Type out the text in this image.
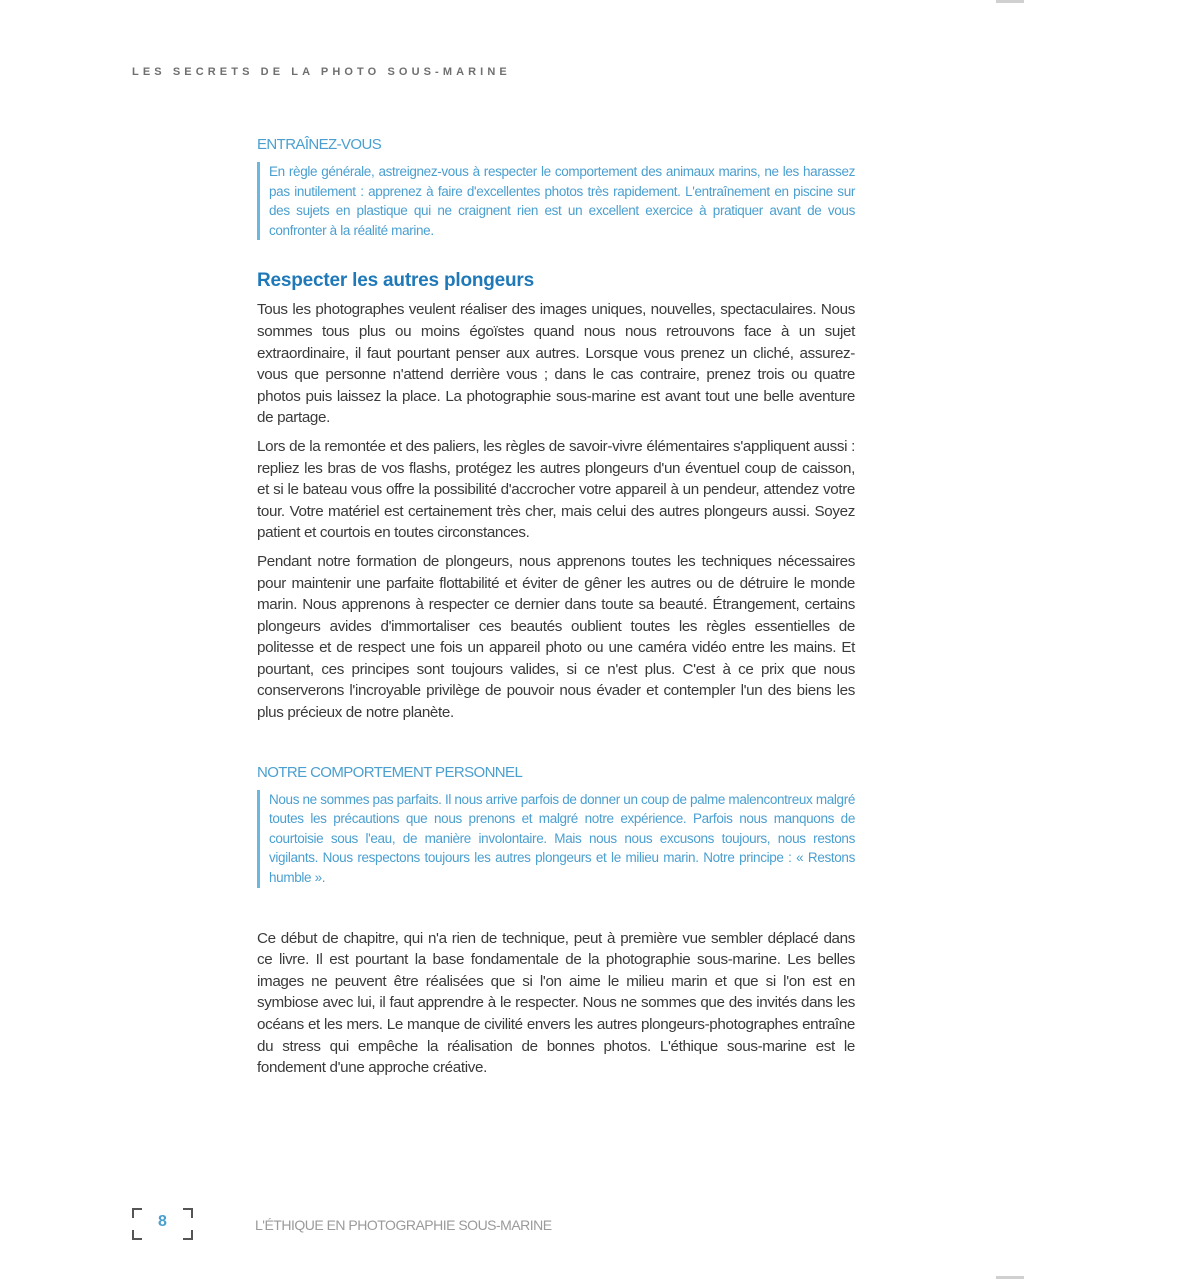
LES SECRETS DE LA PHOTO SOUS-MARINE
ENTRAÎNEZ-VOUS

En règle générale, astreignez-vous à respecter le comportement des animaux marins, ne les harassez pas inutilement : apprenez à faire d'excellentes photos très rapidement. L'entraînement en piscine sur des sujets en plastique qui ne craignent rien est un excellent exercice à pratiquer avant de vous confronter à la réalité marine.

Respecter les autres plongeurs

Tous les photographes veulent réaliser des images uniques, nouvelles, spectaculaires. Nous sommes tous plus ou moins égoïstes quand nous nous retrouvons face à un sujet extraordinaire, il faut pourtant penser aux autres. Lorsque vous prenez un cliché, assurez-vous que personne n'attend derrière vous ; dans le cas contraire, prenez trois ou quatre photos puis laissez la place. La photographie sous-marine est avant tout une belle aventure de partage.

Lors de la remontée et des paliers, les règles de savoir-vivre élémentaires s'appliquent aussi : repliez les bras de vos flashs, protégez les autres plongeurs d'un éventuel coup de caisson, et si le bateau vous offre la possibilité d'accrocher votre appareil à un pendeur, attendez votre tour. Votre matériel est certainement très cher, mais celui des autres plongeurs aussi. Soyez patient et courtois en toutes circonstances.

Pendant notre formation de plongeurs, nous apprenons toutes les techniques nécessaires pour maintenir une parfaite flottabilité et éviter de gêner les autres ou de détruire le monde marin. Nous apprenons à respecter ce dernier dans toute sa beauté. Étrangement, certains plongeurs avides d'immortaliser ces beautés oublient toutes les règles essentielles de politesse et de respect une fois un appareil photo ou une caméra vidéo entre les mains. Et pourtant, ces principes sont toujours valides, si ce n'est plus. C'est à ce prix que nous conserverons l'incroyable privilège de pouvoir nous évader et contempler l'un des biens les plus précieux de notre planète.

NOTRE COMPORTEMENT PERSONNEL

Nous ne sommes pas parfaits. Il nous arrive parfois de donner un coup de palme malencontreux malgré toutes les précautions que nous prenons et malgré notre expérience. Parfois nous manquons de courtoisie sous l'eau, de manière involontaire. Mais nous nous excusons toujours, nous restons vigilants. Nous respectons toujours les autres plongeurs et le milieu marin. Notre principe : « Restons humble ».

Ce début de chapitre, qui n'a rien de technique, peut à première vue sembler déplacé dans ce livre. Il est pourtant la base fondamentale de la photographie sous-marine. Les belles images ne peuvent être réalisées que si l'on aime le milieu marin et que si l'on est en symbiose avec lui, il faut apprendre à le respecter. Nous ne sommes que des invités dans les océans et les mers. Le manque de civilité envers les autres plongeurs-photographes entraîne du stress qui empêche la réalisation de bonnes photos. L'éthique sous-marine est le fondement d'une approche créative.

8	L'ÉTHIQUE EN PHOTOGRAPHIE SOUS-MARINE
